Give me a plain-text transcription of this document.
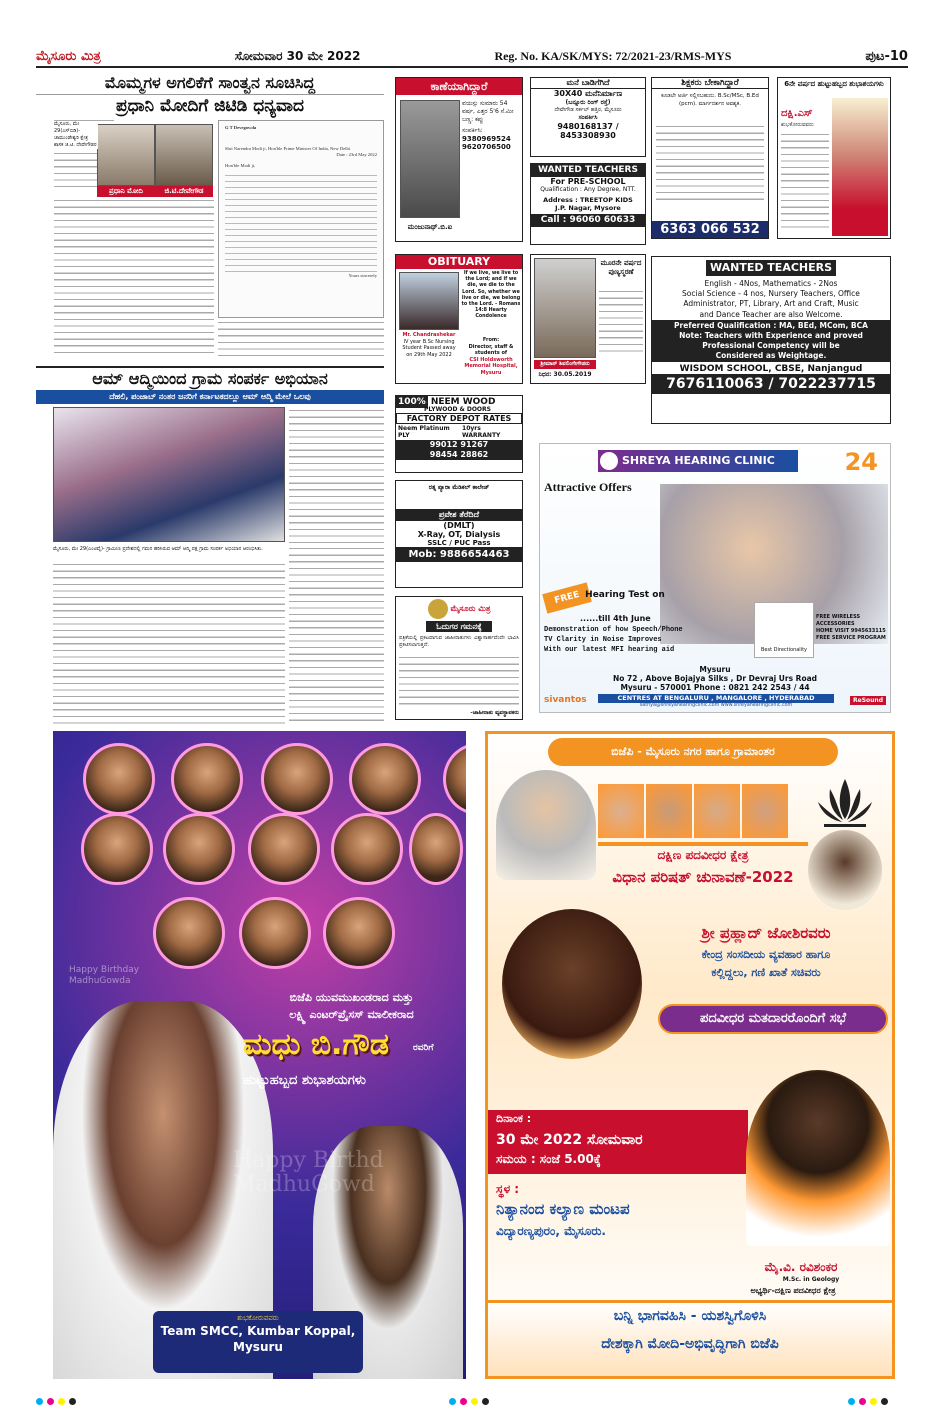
ಮೈಸೂರು ಮಿತ್ರ	ಸೋಮವಾರ 30 ಮೇ 2022	Reg. No. KA/SK/MYS: 72/2021-23/RMS-MYS	ಪುಟ-10
ಮೊಮ್ಮಗಳ ಅಗಲಿಕೆಗೆ ಸಾಂತ್ವನ ಸೂಚಿಸಿದ್ದ
ಪ್ರಧಾನಿ ಮೋದಿಗೆ ಜಿಟಿಡಿ ಧನ್ಯವಾದ
ಪ್ರಧಾನಿ ಮೋದಿ	ಜಿ.ಟಿ.ದೇವೇಗೌಡ
ಮೈಸೂರು, ಮೇ 29(ಎಸ್‌ಬಿಡಿ)- ಚಾಮುಂಡೇಶ್ವರಿ ಕ್ಷೇತ್ರ ಶಾಸಕ ಜಿ.ಟಿ. ದೇವೇಗೌಡರ
G T Devegowda
Shri Narendra Modi ji, Hon'ble Prime Minister Of India, New Delhi
Date : 23rd May 2022
Hon'ble Modi ji,
Yours sincerely
ಆಮ್ ಆದ್ಮಿಯಿಂದ ಗ್ರಾಮ ಸಂಪರ್ಕ ಅಭಿಯಾನ
ದೆಹಲಿ, ಪಂಜಾಬ್ ನಂತರ ಜನರಿಗೆ ಕರ್ನಾಟಕದಲ್ಲೂ ಆಮ್ ಆದ್ಮಿ ಮೇಲೆ ಒಲವು
ಮೈಸೂರು, ಮೇ 29(ಎಂಟಿವೈ)- ಗ್ರಾಮೀಣ ಪ್ರದೇಶದಲ್ಲಿ ಗಮನ ಹರಿಸಿರುವ ಆಮ್ ಆದ್ಮಿ ಪಕ್ಷ ಗ್ರಾಮ ಸಂಪರ್ಕ ಅಭಿಯಾನ ಆರಂಭಿಸಿತು.
ಕಾಣೆಯಾಗಿದ್ದಾರೆ
ವಯಸ್ಸು ಸುಮಾರು 54 ವರ್ಷ, ಎತ್ತರ 5'6 ಸೆ.ಮೀ
ಬಣ್ಣ: ಕಪ್ಪು
ಸಂಪರ್ಕಿಸಿ:
9380969524
9620706500
ಮಂಜುನಾಥ್.ಬಿ.ಐ
ಮನೆ ಬಾಡಿಗೆಗಿದೆ
30X40 ಮನೆನಿರ್ಮಾಣ
(ಬನ್ನೂರು ರಿಂಗ್ ರಸ್ತೆ)
ದೇವೇಗೌಡ ಸರ್ಕಲ್ ಹತ್ತಿರ, ಮೈಸೂರು
ಸಂಪರ್ಕಿಸಿ
9480168137 / 8453308930
ಶಿಕ್ಷಕರು ಬೇಕಾಗಿದ್ದಾರೆ
ಕೂಡಲೇ ಅರ್ಜಿ ಸಲ್ಲಿಸಬಹುದು. B.Sc/MSc, B.Ed (pcm). ಮಾರ್ಗದರ್ಶನ ಅವಶ್ಯಕ.
6363 066 532
6ನೇ ವರ್ಷದ ಹುಟ್ಟುಹಬ್ಬದ ಶುಭಾಶಯಗಳು
ದಕ್ಷಿ.ಎಸ್
ಶುಭಕೋರುವವರು
WANTED TEACHERS
For PRE-SCHOOL
Qualification : Any Degree, NTT.
Address : TREETOP KIDS
J.P. Nagar, Mysore
Call : 96060 60633
OBITUARY
If we live, we live to the Lord; and if we die, we die to the Lord. So, whether we live or die, we belong to the Lord. - Romans 14:8 Hearty Condolence
Mr. Chandrashekar
IV year B.Sc Nursing Student Passed away on 29th May 2022
From:
Director, staff & students of
CSI Holdsworth Memorial Hospital, Mysuru
ಮೂರನೇ ವರ್ಷದ ಪುಣ್ಯಸ್ಮರಣೆ
ಶ್ರೀಮಾನ್ ಶಿವಲಿಂಗೇಗೌಡರು
ನಿಧನ: 30.05.2019
WANTED TEACHERS
English - 4Nos, Mathematics - 2Nos
Social Science - 4 nos, Nursery Teachers, Office
Administrator, PT, Library, Art and Craft, Music
and Dance Teacher are also Welcome.
Preferred Qualification : MA, BEd, MCom, BCA
Note: Teachers with Experience and proved
Professional Competency will be
Considered as Weightage.
WISDOM SCHOOL, CBSE, Nanjangud
7676110063 / 7022237715
100% NEEM WOOD
PLYWOOD & DOORS
FACTORY DEPOT RATES
Neem Platinum PLY
10yrs WARRANTY
99012 91267
98454 28862
ರತ್ನ ಪ್ಯಾರಾ ಮೆಡಿಕಲ್ ಕಾಲೇಜ್
ಪ್ರವೇಶ ತೆರೆದಿದೆ
(DMLT)
X-Ray, OT, Dialysis
SSLC / PUC Pass
Mob: 9886654463
ಮೈಸೂರು ಮಿತ್ರ
ಓದುಗರ ಗಮನಕ್ಕೆ
ಪತ್ರಿಕೆಯಲ್ಲಿ ಪ್ರಕಟವಾಗುವ ಜಾಹೀರಾತುಗಳು ವಿಶ್ವಾಸಾರ್ಹವೆಂದೇ ಭಾವಿಸಿ ಪ್ರಕಟಿಸಲಾಗುತ್ತದೆ.
-ಜಾಹೀರಾತು ವ್ಯವಸ್ಥಾಪಕರು
SHREYA HEARING CLINIC	24
Attractive Offers
FREE Hearing Test on
......till 4th June
Demonstration of how Speech/Phone
TV Clarity in Noise Improves
With our latest MFI hearing aid	Best Directionality
FREE WIRELESS ACCESSORIES
HOME VISIT 9945633115
FREE SERVICE PROGRAM
Mysuru
No 72 , Above Bojajya Silks , Dr Devraj Urs Road
Mysuru - 570001 Phone : 0821 242 2543 / 44
sivantos	CENTRES AT BENGALURU , MANGALORE , HYDERABAD
sathya@shreyahearingclinic.com www.shreyahearingclinic.com
ReSound
Happy Birthday MadhuGowda
Happy Birthd
MadhuGowd
ಬಿಜೆಪಿ ಯುವಮುಖಂಡರಾದ ಮತ್ತು
ಲಕ್ಷ್ಮಿ ಎಂಟರ್‌ಪ್ರೈಸಸ್ ಮಾಲೀಕರಾದ
ಮಧು ಬಿ.ಗೌಡ	ರವರಿಗೆ
ಹುಟ್ಟುಹಬ್ಬದ ಶುಭಾಶಯಗಳು
ಶುಭಕೋರುವವರು
Team SMCC, Kumbar Koppal,
Mysuru
ಬಿಜೆಪಿ - ಮೈಸೂರು ನಗರ ಹಾಗೂ ಗ್ರಾಮಾಂತರ
ದಕ್ಷಿಣ ಪದವೀಧರ ಕ್ಷೇತ್ರ
ವಿಧಾನ ಪರಿಷತ್ ಚುನಾವಣೆ-2022
ಶ್ರೀ ಪ್ರಹ್ಲಾದ್ ಜೋಶಿರವರು
ಕೇಂದ್ರ ಸಂಸದೀಯ ವ್ಯವಹಾರ ಹಾಗೂ
ಕಲ್ಲಿದ್ದಲು, ಗಣಿ ಖಾತೆ ಸಚಿವರು
ಪದವೀಧರ ಮತದಾರರೊಂದಿಗೆ ಸಭೆ
ದಿನಾಂಕ :
30 ಮೇ 2022 ಸೋಮವಾರ
ಸಮಯ : ಸಂಜೆ 5.00ಕ್ಕೆ
ಸ್ಥಳ :
ನಿತ್ಯಾನಂದ ಕಲ್ಯಾಣ ಮಂಟಪ
ವಿದ್ಯಾರಣ್ಯಪುರಂ, ಮೈಸೂರು.
ಮೈ.ವಿ. ರವಿಶಂಕರ
M.Sc. in Geology
ಅಭ್ಯರ್ಥಿ-ದಕ್ಷಿಣ ಪದವೀಧರ ಕ್ಷೇತ್ರ
ಬನ್ನಿ ಭಾಗವಹಿಸಿ - ಯಶಸ್ವಿಗೊಳಿಸಿ
ದೇಶಕ್ಕಾಗಿ ಮೋದಿ-ಅಭಿವೃದ್ಧಿಗಾಗಿ ಬಿಜೆಪಿ
